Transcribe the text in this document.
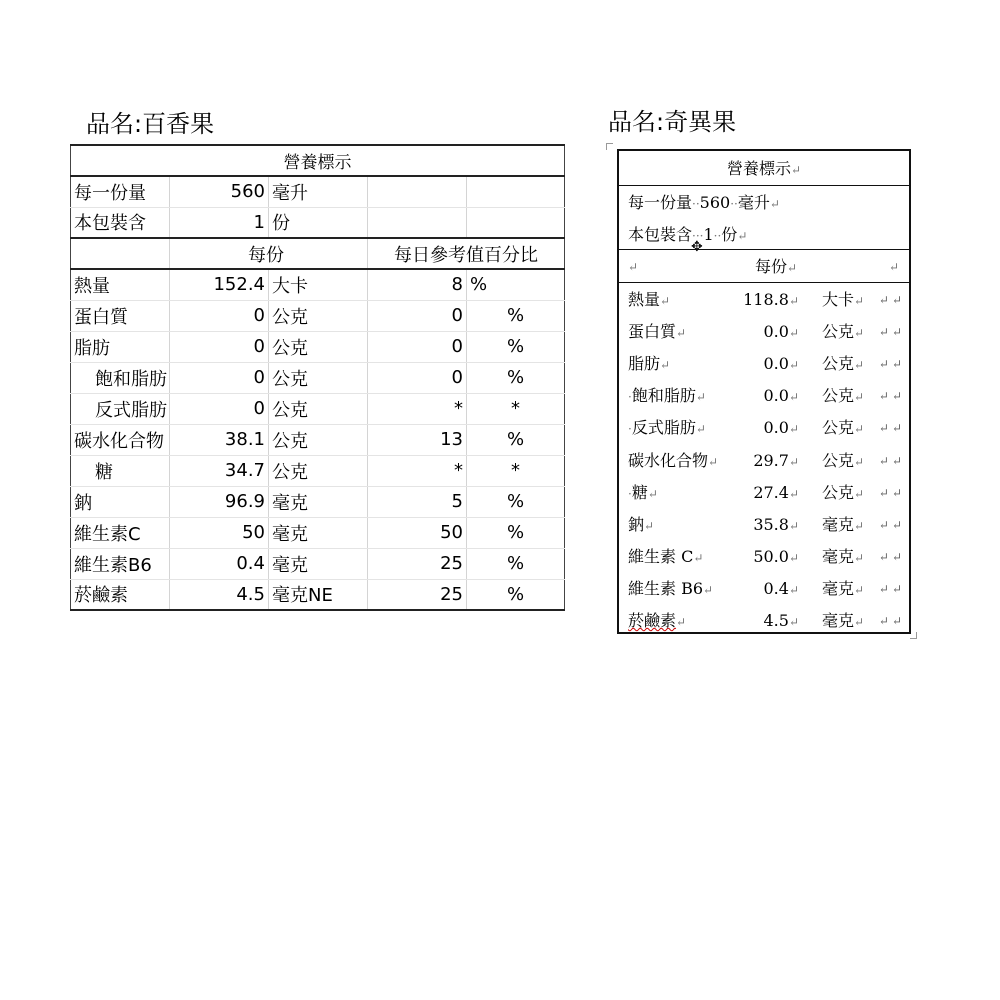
品名:百香果
營養標示				
每一份量	560	毫升		
本包裝含	1	份		
	每份		每日參考值百分比	
熱量	152.4	大卡	8	%
蛋白質	0	公克	0	%
脂肪	0	公克	0	%
飽和脂肪	0	公克	0	%
反式脂肪	0	公克	*	*
碳水化合物	38.1	公克	13	%
糖	34.7	公克	*	*
鈉	96.9	毫克	5	%
維生素C	50	毫克	50	%
維生素B6	0.4	毫克	25	%
菸鹼素	4.5	毫克NE	25	%
品名:奇異果
營養標示↵
每一份量··560··毫升↵
本包裝含···1··份↵
✥
↵	每份↵	↵
熱量↵	118.8↵ 大卡↵ ↵↵
蛋白質↵	0.0↵ 公克↵ ↵↵
脂肪↵	0.0↵ 公克↵ ↵↵
·飽和脂肪↵	0.0↵ 公克↵ ↵↵
·反式脂肪↵	0.0↵ 公克↵ ↵↵
碳水化合物↵ 29.7↵ 公克↵ ↵↵
·糖↵	27.4↵ 公克↵ ↵↵
鈉↵	35.8↵ 毫克↵ ↵↵
維生素 C↵	50.0↵ 毫克↵ ↵↵
維生素 B6↵	0.4↵ 毫克↵ ↵↵
菸鹼素↵	4.5↵ 毫克↵ ↵↵
